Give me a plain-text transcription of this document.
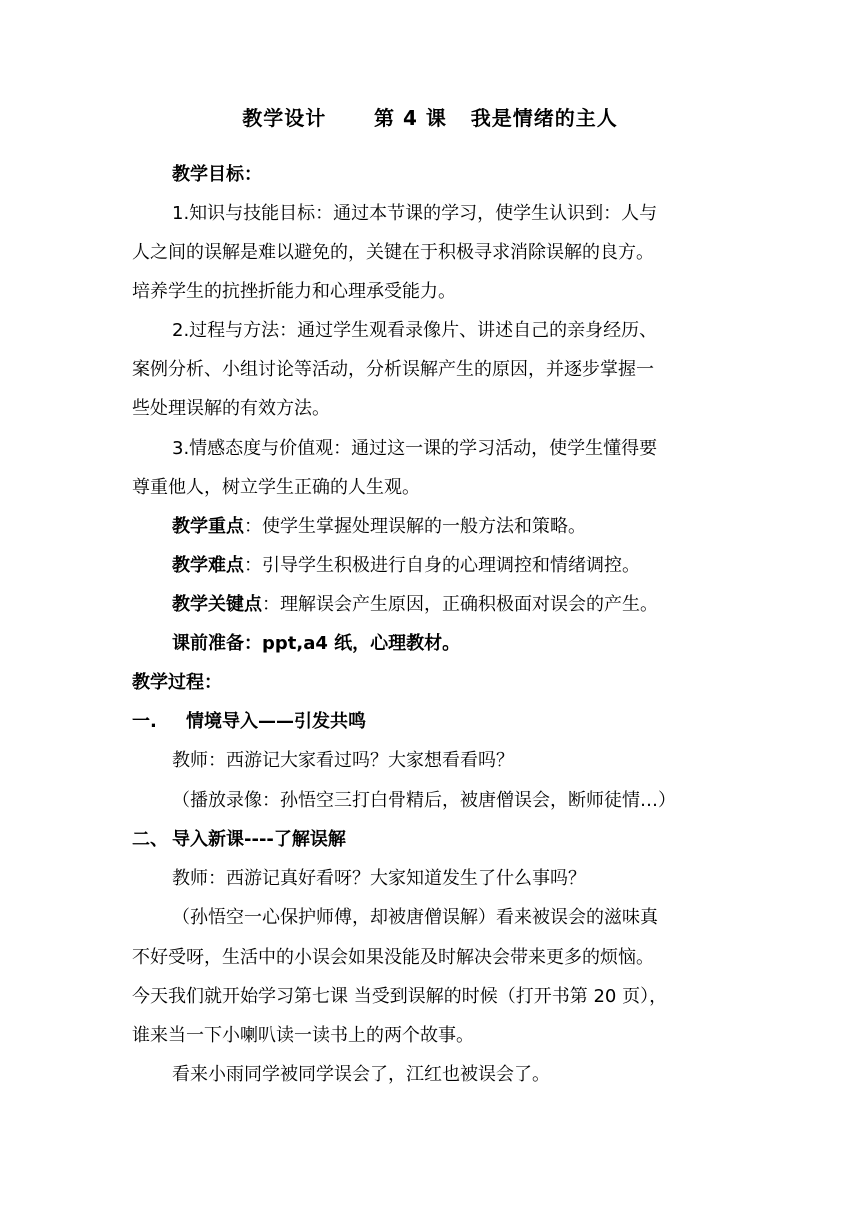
教学设计      第 4 课   我是情绪的主人
教学目标：
1.知识与技能目标：通过本节课的学习，使学生认识到：人与
人之间的误解是难以避免的，关键在于积极寻求消除误解的良方。
培养学生的抗挫折能力和心理承受能力。
2.过程与方法：通过学生观看录像片、讲述自己的亲身经历、
案例分析、小组讨论等活动，分析误解产生的原因，并逐步掌握一
些处理误解的有效方法。
3.情感态度与价值观：通过这一课的学习活动，使学生懂得要
尊重他人，树立学生正确的人生观。
教学重点：使学生掌握处理误解的一般方法和策略。
教学难点：引导学生积极进行自身的心理调控和情绪调控。
教学关键点：理解误会产生原因，正确积极面对误会的产生。
课前准备：ppt,a4 纸，心理教材。
教学过程：
一. 情境导入——引发共鸣
教师：西游记大家看过吗？大家想看看吗？
（播放录像：孙悟空三打白骨精后，被唐僧误会，断师徒情…）
二、 导入新课----了解误解
教师：西游记真好看呀？大家知道发生了什么事吗？
（孙悟空一心保护师傅，却被唐僧误解）看来被误会的滋味真
不好受呀，生活中的小误会如果没能及时解决会带来更多的烦恼。
今天我们就开始学习第七课 当受到误解的时候（打开书第 20 页），
谁来当一下小喇叭读一读书上的两个故事。
看来小雨同学被同学误会了，江红也被误会了。
